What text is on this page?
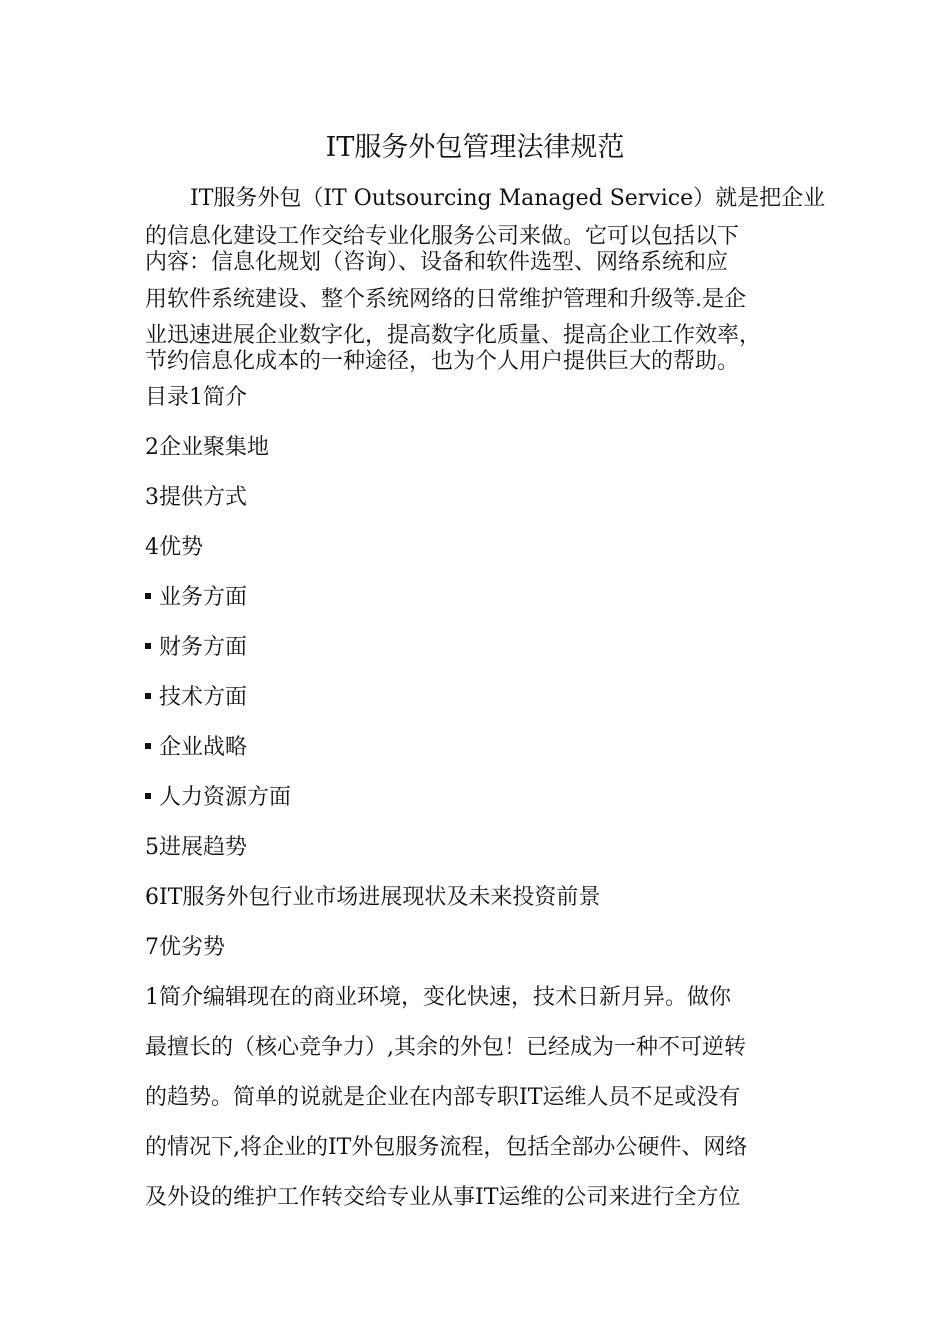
IT服务外包管理法律规范
IT服务外包（IT Outsourcing Managed Service）就是把企业
的信息化建设工作交给专业化服务公司来做。它可以包括以下
内容：信息化规划（咨询）、设备和软件选型、网络系统和应
用软件系统建设、整个系统网络的日常维护管理和升级等.是企
业迅速进展企业数字化，提高数字化质量、提高企业工作效率，
节约信息化成本的一种途径，也为个人用户提供巨大的帮助。
目录1简介
2企业聚集地
3提供方式
4优势
业务方面
财务方面
技术方面
企业战略
人力资源方面
5进展趋势
6IT服务外包行业市场进展现状及未来投资前景
7优劣势
1简介编辑现在的商业环境，变化快速，技术日新月异。做你
最擅长的（核心竞争力）,其余的外包！已经成为一种不可逆转
的趋势。简单的说就是企业在内部专职IT运维人员不足或没有
的情况下,将企业的IT外包服务流程，包括全部办公硬件、网络
及外设的维护工作转交给专业从事IT运维的公司来进行全方位
